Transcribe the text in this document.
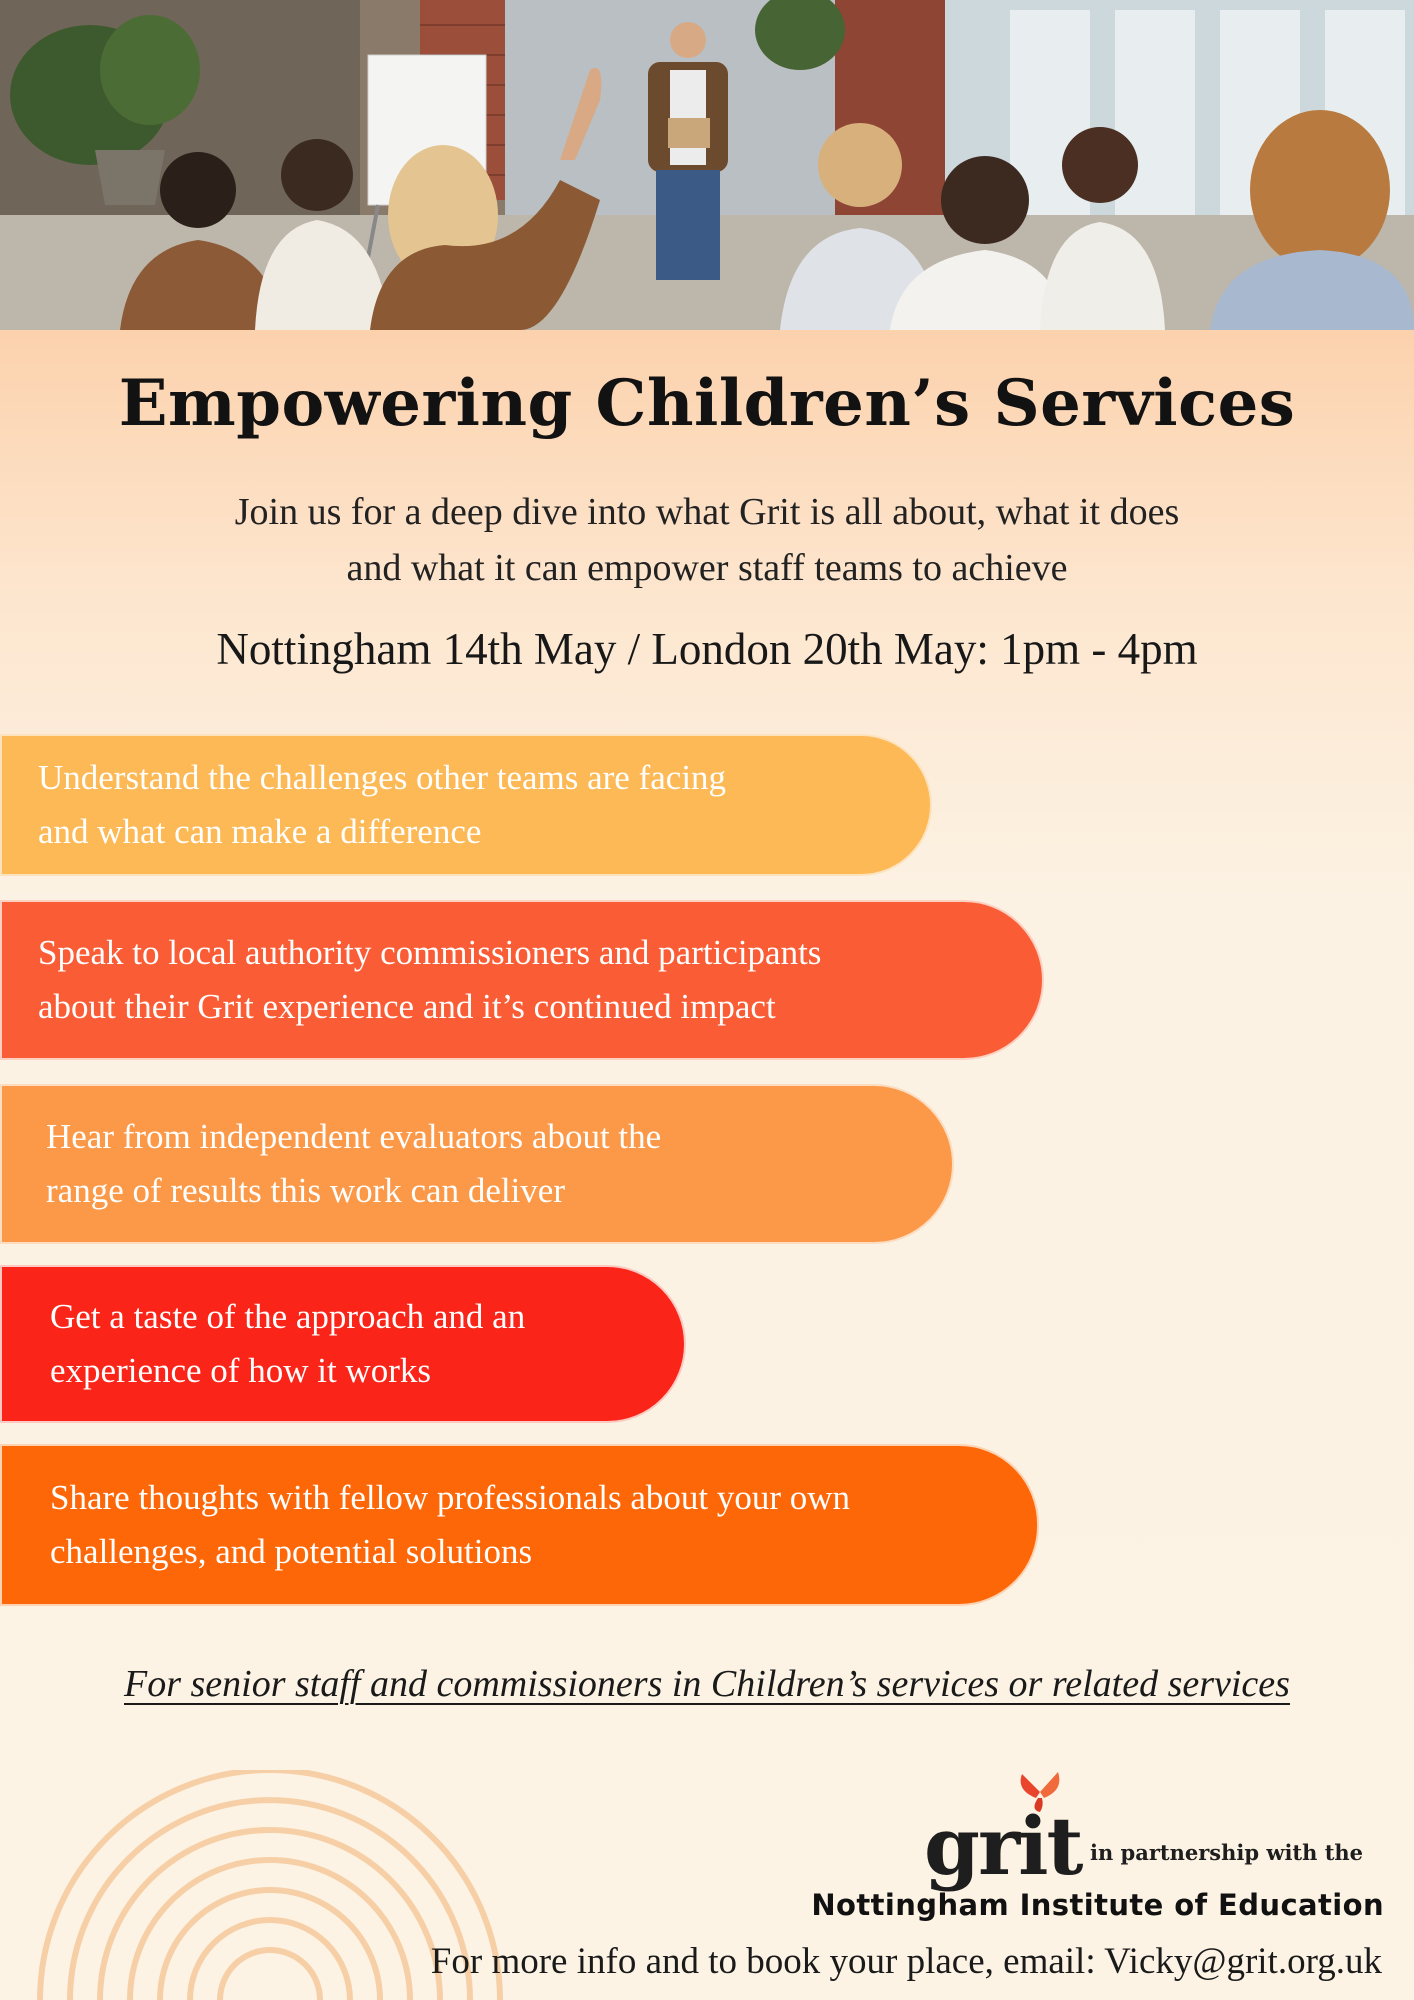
Empowering Children’s Services

Join us for a deep dive into what Grit is all about, what it does
and what it can empower staff teams to achieve

Nottingham 14th May / London 20th May: 1pm - 4pm
Understand the challenges other teams are facing
and what can make a difference
Speak to local authority commissioners and participants
about their Grit experience and it’s continued impact
Hear from independent evaluators about the
range of results this work can deliver
Get a taste of the approach and an
experience of how it works
Share thoughts with fellow professionals about your own
challenges, and potential solutions
For senior staff and commissioners in Children’s services or related services
grit in partnership with the
Nottingham Institute of Education
For more info and to book your place, email: Vicky@grit.org.uk
